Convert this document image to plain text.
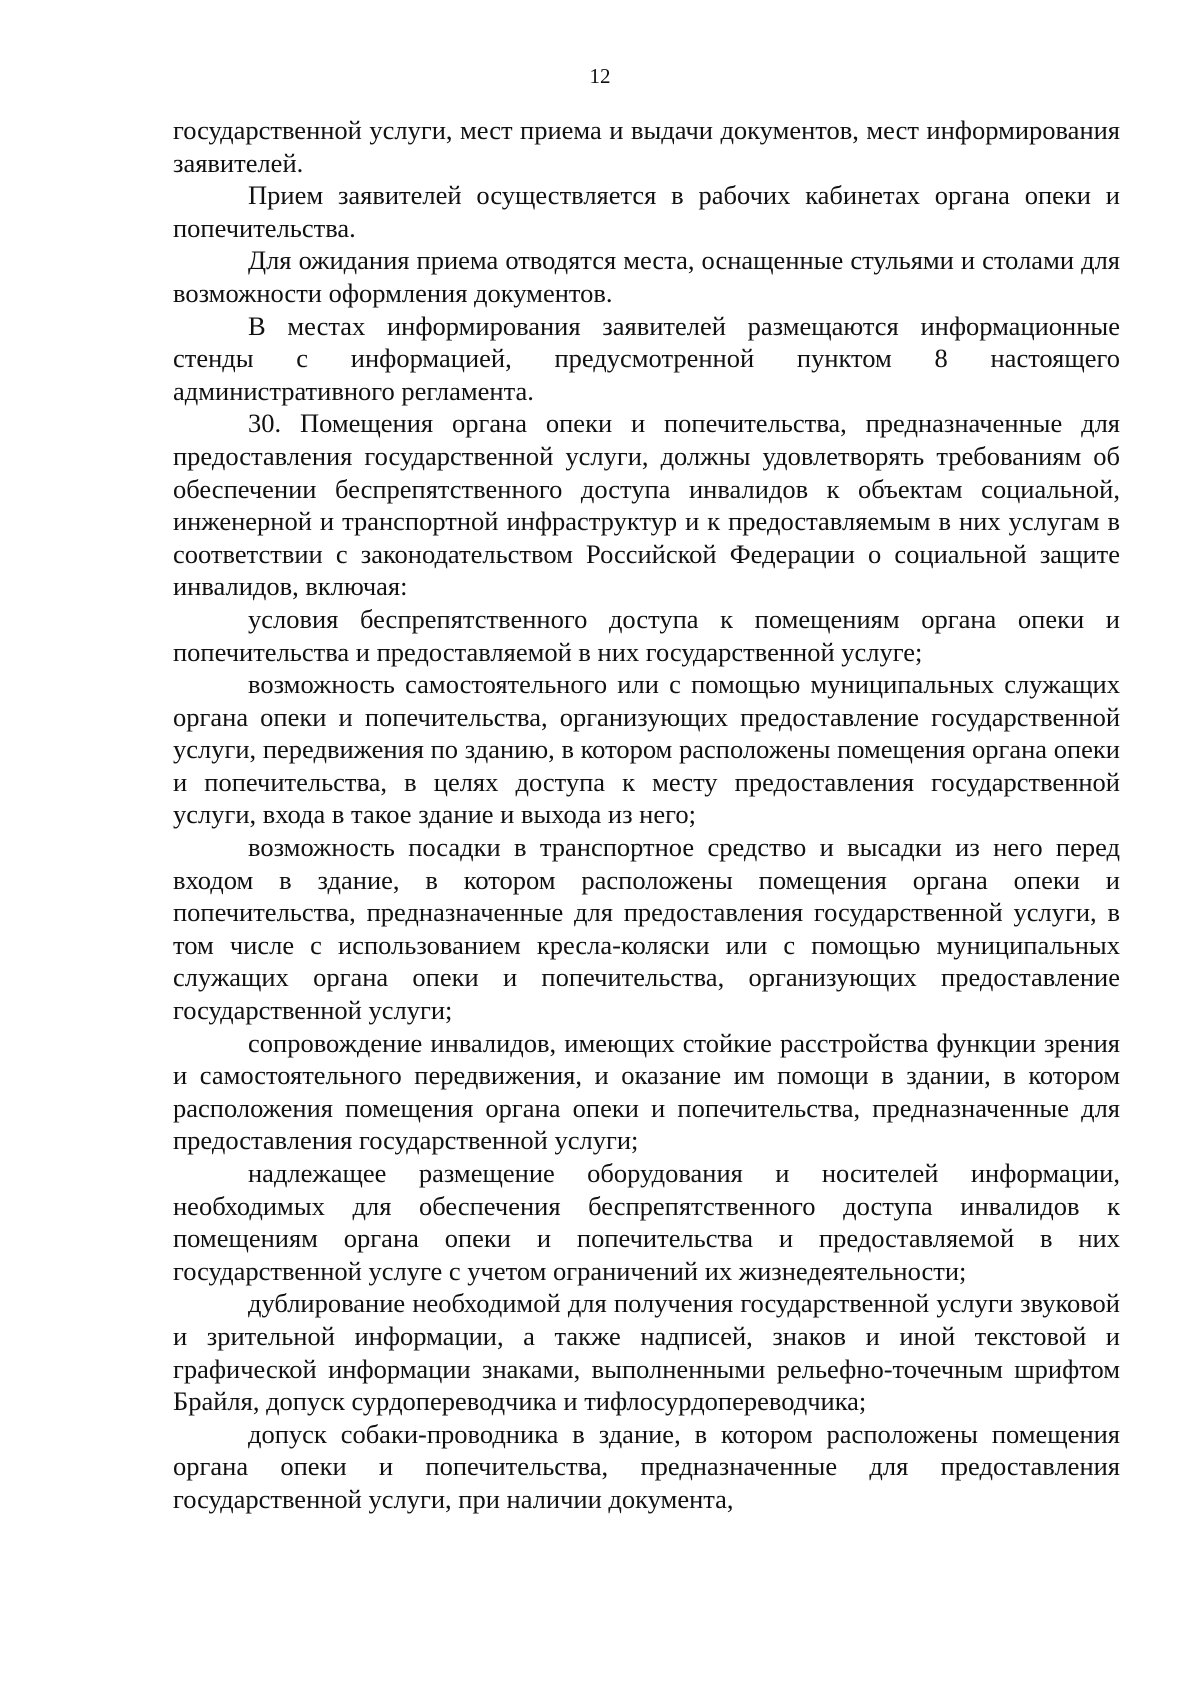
12

государственной услуги, мест приема и выдачи документов, мест информирования заявителей.

Прием заявителей осуществляется в рабочих кабинетах органа опеки и попечительства.

Для ожидания приема отводятся места, оснащенные стульями и столами для возможности оформления документов.

В местах информирования заявителей размещаются информационные стенды с информацией, предусмотренной пунктом 8 настоящего административного регламента.

30. Помещения органа опеки и попечительства, предназначенные для предоставления государственной услуги, должны удовлетворять требованиям об обеспечении беспрепятственного доступа инвалидов к объектам социальной, инженерной и транспортной инфраструктур и к предоставляемым в них услугам в соответствии с законодательством Российской Федерации о социальной защите инвалидов, включая:

условия беспрепятственного доступа к помещениям органа опеки и попечительства и предоставляемой в них государственной услуге;

возможность самостоятельного или с помощью муниципальных служащих органа опеки и попечительства, организующих предоставление государственной услуги, передвижения по зданию, в котором расположены помещения органа опеки и попечительства, в целях доступа к месту предоставления государственной услуги, входа в такое здание и выхода из него;

возможность посадки в транспортное средство и высадки из него перед входом в здание, в котором расположены помещения органа опеки и попечительства, предназначенные для предоставления государственной услуги, в том числе с использованием кресла-коляски или с помощью муниципальных служащих органа опеки и попечительства, организующих предоставление государственной услуги;

сопровождение инвалидов, имеющих стойкие расстройства функции зрения и самостоятельного передвижения, и оказание им помощи в здании, в котором расположения помещения органа опеки и попечительства, предназначенные для предоставления государственной услуги;

надлежащее размещение оборудования и носителей информации, необходимых для обеспечения беспрепятственного доступа инвалидов к помещениям органа опеки и попечительства и предоставляемой в них государственной услуге с учетом ограничений их жизнедеятельности;

дублирование необходимой для получения государственной услуги звуковой и зрительной информации, а также надписей, знаков и иной текстовой и графической информации знаками, выполненными рельефно-точечным шрифтом Брайля, допуск сурдопереводчика и тифлосурдопереводчика;

допуск собаки-проводника в здание, в котором расположены помещения органа опеки и попечительства, предназначенные для предоставления государственной услуги, при наличии документа,
